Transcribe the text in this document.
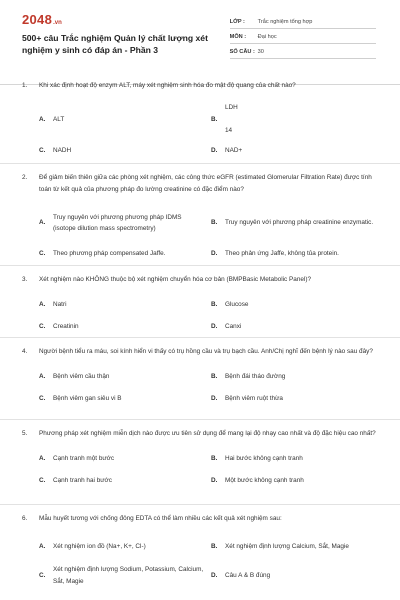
2048 .vn
500+ câu Trắc nghiệm Quản lý chất lượng xét nghiệm y sinh có đáp án - Phần 3
LỚP :	Trắc nghiệm tổng hợp
MÔN :	Đại học
SỐ CÂU : 30
1.	Khi xác định hoạt độ enzym ALT, máy xét nghiệm sinh hóa đo mật độ quang của chất nào?
A.	ALT	B.
LDH

14
C.	NADH	D.	NAD+
2.	Để giảm biến thiên giữa các phòng xét nghiệm, các công thức eGFR (estimated Glomerular Filtration Rate) được tính toán từ kết quả của phương pháp đo lường creatinine có đặc điểm nào?
A.
Truy nguyên với phương phương pháp IDMS (isotope dilution mass spectrometry)
B.	Truy nguyên với phương pháp creatinine enzymatic.
C.	Theo phương pháp compensated Jaffe.	D.	Theo phản ứng Jaffe, không tủa protein.
3.	Xét nghiệm nào KHÔNG thuộc bộ xét nghiệm chuyển hóa cơ bản (BMPBasic Metabolic Panel)?
A.	Natri	B.	Glucose
C.	Creatinin	D.	Canxi
4.	Người bệnh tiểu ra máu, soi kính hiển vi thấy có trụ hồng cầu và trụ bạch cầu. Anh/Chị nghĩ đến bệnh lý nào sau đây?
A.	Bệnh viêm cầu thận	B.	Bệnh đái tháo đường
C.	Bệnh viêm gan siêu vi B	D.	Bệnh viêm ruột thừa
5.	Phương pháp xét nghiệm miễn dịch nào được ưu tiên sử dụng để mang lại độ nhạy cao nhất và độ đặc hiệu cao nhất?
A.	Cạnh tranh một bước	B.	Hai bước không cạnh tranh
C.	Cạnh tranh hai bước	D.	Một bước không cạnh tranh
6.	Mẫu huyết tương với chống đông EDTA có thể làm nhiều các kết quả xét nghiệm sau:
A.	Xét nghiệm ion đồ (Na+, K+, Cl-)	B.	Xét nghiệm định lượng Calcium, Sắt, Magie
C.
Xét nghiệm định lượng Sodium, Potassium, Calcium, Sắt, Magie
D.	Câu A & B đúng
